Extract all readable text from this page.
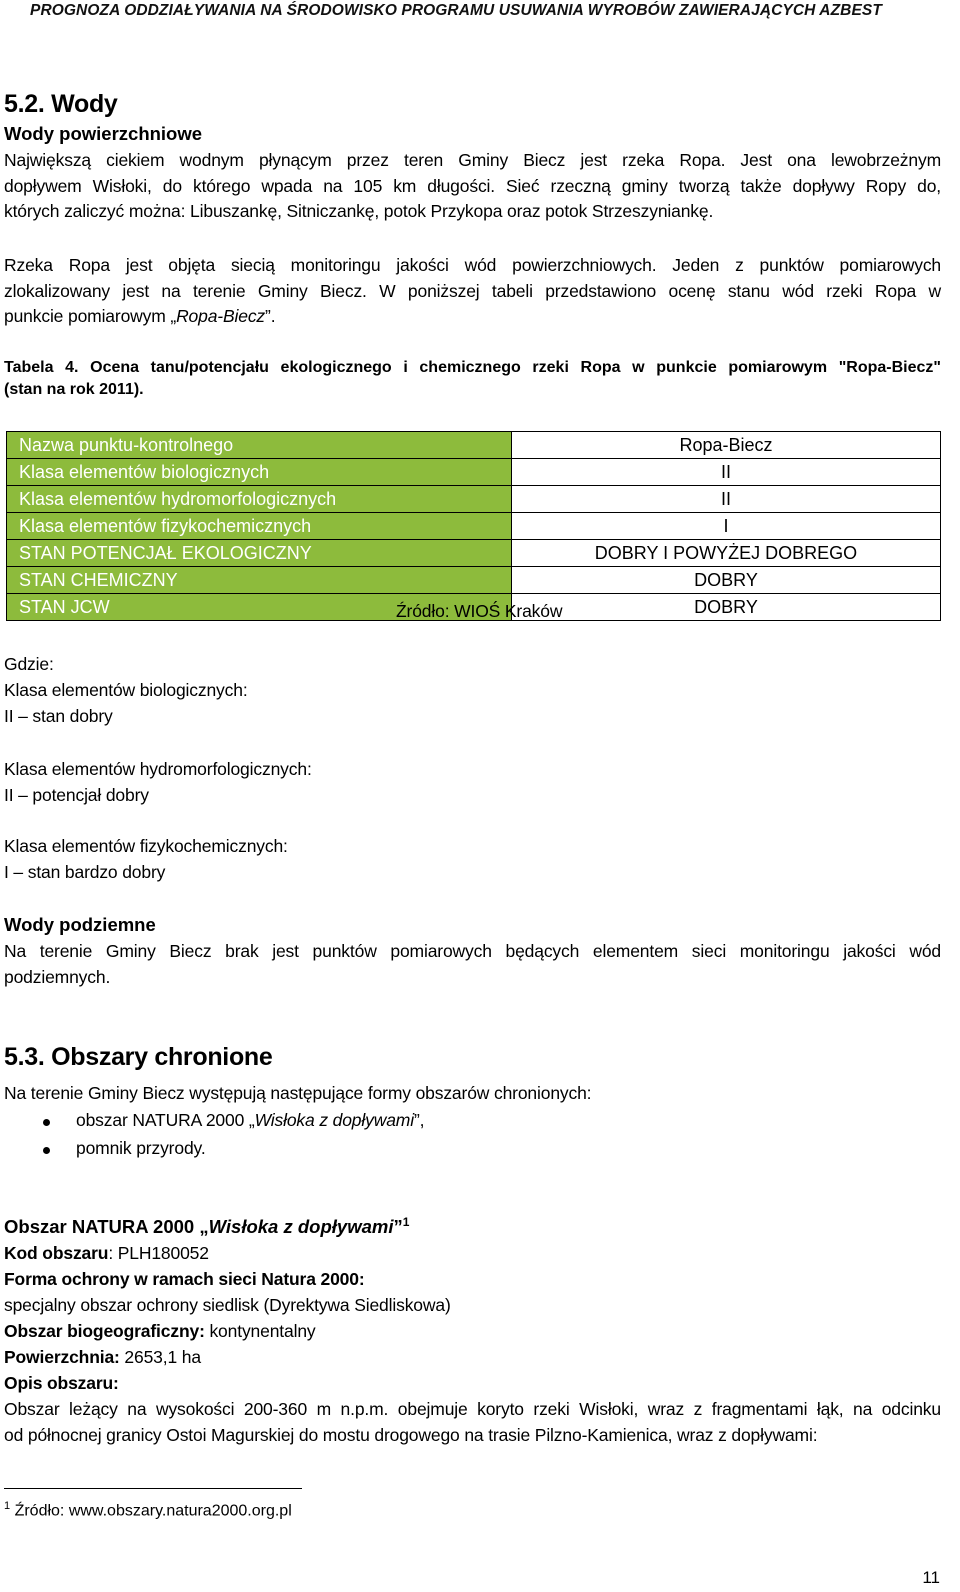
PROGNOZA ODDZIAŁYWANIA NA ŚRODOWISKO PROGRAMU USUWANIA WYROBÓW ZAWIERAJĄCYCH AZBEST
5.2. Wody
Wody powierzchniowe
Największą ciekiem wodnym płynącym przez teren Gminy Biecz jest rzeka Ropa. Jest ona lewobrzeżnym
dopływem Wisłoki, do którego wpada na 105 km długości. Sieć rzeczną gminy tworzą także dopływy Ropy do,
których zaliczyć można: Libuszankę, Sitniczankę, potok Przykopa oraz potok Strzeszyniankę.
Rzeka Ropa jest objęta siecią monitoringu jakości wód powierzchniowych. Jeden z punktów pomiarowych
zlokalizowany jest na terenie Gminy Biecz. W poniższej tabeli przedstawiono ocenę stanu wód rzeki Ropa w
punkcie pomiarowym „Ropa-Biecz”.
Tabela 4. Ocena tanu/potencjału ekologicznego i chemicznego rzeki Ropa w punkcie pomiarowym "Ropa-Biecz"
(stan na rok 2011).
Nazwa punktu-kontrolnego	Ropa-Biecz
Klasa elementów biologicznych	II
Klasa elementów hydromorfologicznych	II
Klasa elementów fizykochemicznych	I
STAN POTENCJAŁ EKOLOGICZNY	DOBRY I POWYŻEJ DOBREGO
STAN CHEMICZNY	DOBRY
STAN JCW	DOBRY
Źródło: WIOŚ Kraków
Gdzie:
Klasa elementów biologicznych:
II – stan dobry
Klasa elementów hydromorfologicznych:
II – potencjał dobry
Klasa elementów fizykochemicznych:
I – stan bardzo dobry
Wody podziemne
Na terenie Gminy Biecz brak jest punktów pomiarowych będących elementem sieci monitoringu jakości wód
podziemnych.
5.3. Obszary chronione
Na terenie Gminy Biecz występują następujące formy obszarów chronionych:
obszar NATURA 2000 „Wisłoka z dopływami”,
pomnik przyrody.
Obszar NATURA 2000 „Wisłoka z dopływami”$^1$
Kod obszaru: PLH180052
Forma ochrony w ramach sieci Natura 2000:
specjalny obszar ochrony siedlisk (Dyrektywa Siedliskowa)
Obszar biogeograficzny: kontynentalny
Powierzchnia: 2653,1 ha
Opis obszaru:
Obszar leżący na wysokości 200-360 m n.p.m. obejmuje koryto rzeki Wisłoki, wraz z fragmentami łąk, na odcinku
od północnej granicy Ostoi Magurskiej do mostu drogowego na trasie Pilzno-Kamienica, wraz z dopływami:
$^1$ Źródło: www.obszary.natura2000.org.pl
11
